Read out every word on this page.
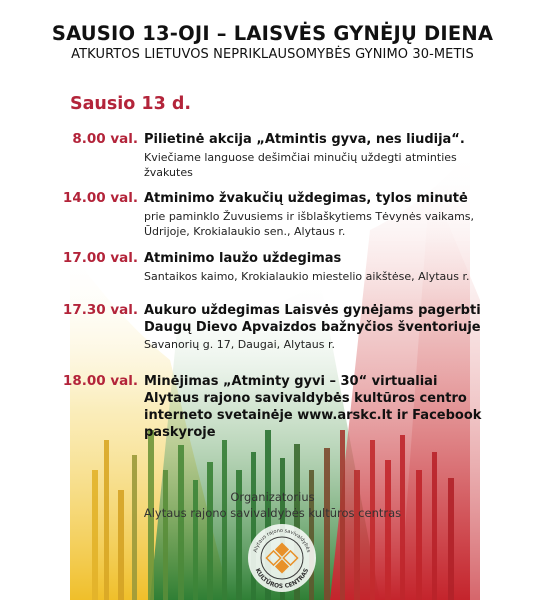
SAUSIO 13-OJI – LAISVĖS GYNĖJŲ DIENA
ATKURTOS LIETUVOS NEPRIKLAUSOMYBĖS GYNIMO 30-METIS
Sausio 13 d.
8.00 val. Pilietinė akcija „Atmintis gyva, nes liudija“.
Kviečiame languose dešimčiai minučių uždegti atminties
žvakutes
14.00 val. Atminimo žvakučių uždegimas, tylos minutė
prie paminklo Žuvusiems ir išblaškytiems Tėvynės vaikams,
Ūdrijoje, Krokialaukio sen., Alytaus r.
17.00 val. Atminimo laužo uždegimas
Santaikos kaimo, Krokialaukio miestelio aikštėse, Alytaus r.
17.30 val. Aukuro uždegimas Laisvės gynėjams pagerbti
Daugų Dievo Apvaizdos bažnyčios šventoriuje
Savanorių g. 17, Daugai, Alytaus r.
18.00 val. Minėjimas „Atminty gyvi – 30“ virtualiai
Alytaus rajono savivaldybės kultūros centro
interneto svetainėje www.arskc.lt ir Facebook
paskyroje
Organizatorius
Alytaus rajono savivaldybės kultūros centras
Alytaus rajono savivaldybės
KULTŪROS CENTRAS
